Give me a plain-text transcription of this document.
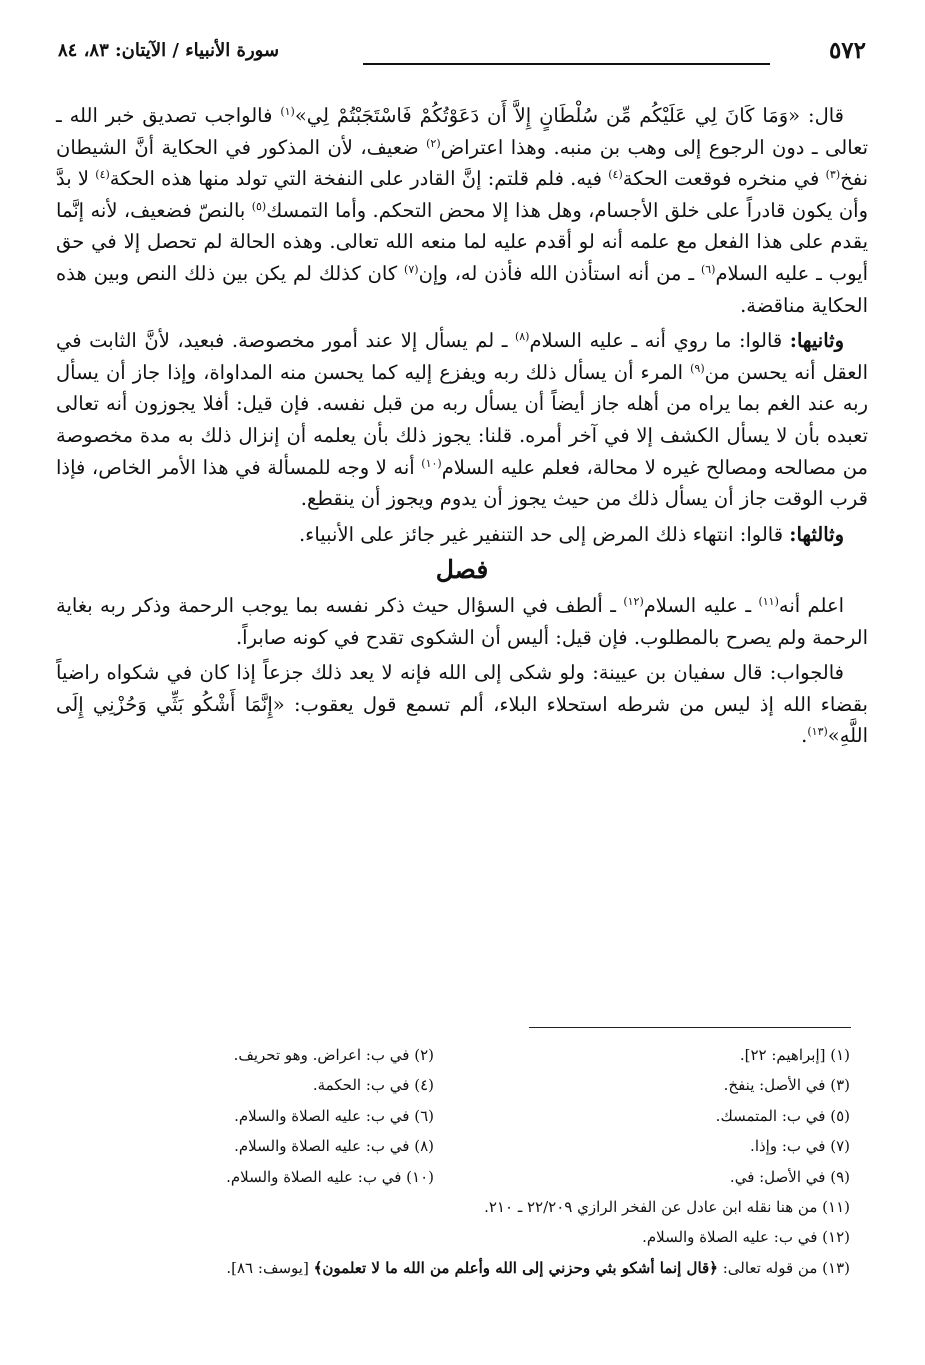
٥٧٢
سورة الأنبياء / الآيتان: ٨٣، ٨٤

قال: «وَمَا كَانَ لِي عَلَيْكُم مِّن سُلْطَانٍ إِلاَّ أَن دَعَوْتُكُمْ فَاسْتَجَبْتُمْ لِي»$^{(١)}$ فالواجب تصديق خبر الله ـ تعالى ـ دون الرجوع إلى وهب بن منبه. وهذا اعتراض$^{(٢)}$ ضعيف، لأن المذكور في الحكاية أنَّ الشيطان نفخ$^{(٣)}$ في منخره فوقعت الحكة$^{(٤)}$ فيه. فلم قلتم: إنَّ القادر على النفخة التي تولد منها هذه الحكة$^{(٤)}$ لا بدَّ وأن يكون قادراً على خلق الأجسام، وهل هذا إلا محض التحكم. وأما التمسك$^{(٥)}$ بالنصّ فضعيف، لأنه إنَّما يقدم على هذا الفعل مع علمه أنه لو أقدم عليه لما منعه الله تعالى. وهذه الحالة لم تحصل إلا في حق أيوب ـ عليه السلام$^{(٦)}$ ـ من أنه استأذن الله فأذن له، وإن$^{(٧)}$ كان كذلك لم يكن بين ذلك النص وبين هذه الحكاية مناقضة.

وثانيها: قالوا: ما روي أنه ـ عليه السلام$^{(٨)}$ ـ لم يسأل إلا عند أمور مخصوصة. فبعيد، لأنَّ الثابت في العقل أنه يحسن من$^{(٩)}$ المرء أن يسأل ذلك ربه ويفزع إليه كما يحسن منه المداواة، وإذا جاز أن يسأل ربه عند الغم بما يراه من أهله جاز أيضاً أن يسأل ربه من قبل نفسه. فإن قيل: أفلا يجوزون أنه تعالى تعبده بأن لا يسأل الكشف إلا في آخر أمره. قلنا: يجوز ذلك بأن يعلمه أن إنزال ذلك به مدة مخصوصة من مصالحه ومصالح غيره لا محالة، فعلم عليه السلام$^{(١٠)}$ أنه لا وجه للمسألة في هذا الأمر الخاص، فإذا قرب الوقت جاز أن يسأل ذلك من حيث يجوز أن يدوم ويجوز أن ينقطع.

وثالثها: قالوا: انتهاء ذلك المرض إلى حد التنفير غير جائز على الأنبياء.

فصل

اعلم أنه$^{(١١)}$ ـ عليه السلام$^{(١٢)}$ ـ ألطف في السؤال حيث ذكر نفسه بما يوجب الرحمة وذكر ربه بغاية الرحمة ولم يصرح بالمطلوب. فإن قيل: أليس أن الشكوى تقدح في كونه صابراً.

فالجواب: قال سفيان بن عيينة: ولو شكى إلى الله فإنه لا يعد ذلك جزعاً إذا كان في شكواه راضياً بقضاء الله إذ ليس من شرطه استحلاء البلاء، ألم تسمع قول يعقوب: «إِنَّمَا أَشْكُو بَثِّي وَحُزْنِي إِلَى اللَّهِ»$^{(١٣)}$.

(١) [إبراهيم: ٢٢].
(٢) في ب: اعراض. وهو تحريف.
(٣) في الأصل: ينفخ.
(٤) في ب: الحكمة.
(٥) في ب: المتمسك.
(٦) في ب: عليه الصلاة والسلام.
(٧) في ب: وإذا.
(٨) في ب: عليه الصلاة والسلام.
(٩) في الأصل: في.
(١٠) في ب: عليه الصلاة والسلام.
(١١) من هنا نقله ابن عادل عن الفخر الرازي ٢٢/٢٠٩ ـ ٢١٠.
(١٢) في ب: عليه الصلاة والسلام.
(١٣) من قوله تعالى: ﴿قال إنما أشكو بثي وحزني إلى الله وأعلم من الله ما لا تعلمون﴾ [يوسف: ٨٦].
